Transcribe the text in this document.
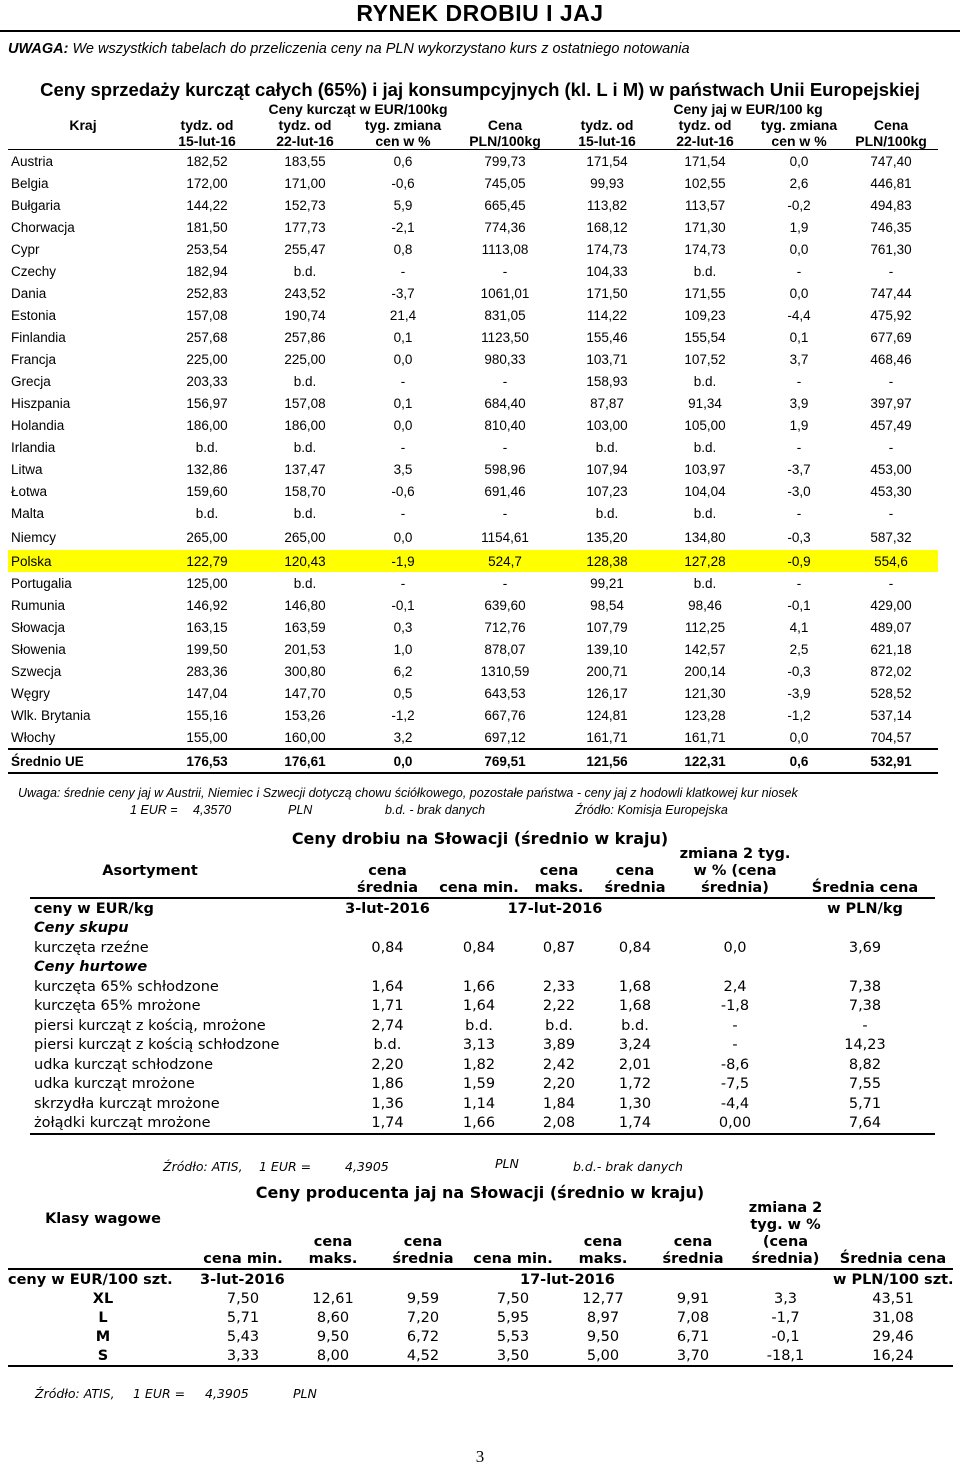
RYNEK DROBIU I JAJ
UWAGA: We wszystkich tabelach do przeliczenia ceny na PLN wykorzystano kurs z ostatniego notowania
Ceny sprzedaży kurcząt całych (65%) i jaj konsumpcyjnych (kl. L i M) w państwach Unii Europejskiej
	Ceny kurcząt w EUR/100kg				Ceny jaj w EUR/100 kg			
Kraj	tydz. od	tydz. od	tyg. zmiana	Cena	tydz. od	tydz. od	tyg. zmiana	Cena
	15-lut-16	22-lut-16	cen w %	PLN/100kg	15-lut-16	22-lut-16	cen w %	PLN/100kg
Austria	182,52	183,55	0,6	799,73	171,54	171,54	0,0	747,40
Belgia	172,00	171,00	-0,6	745,05	99,93	102,55	2,6	446,81
Bułgaria	144,22	152,73	5,9	665,45	113,82	113,57	-0,2	494,83
Chorwacja	181,50	177,73	-2,1	774,36	168,12	171,30	1,9	746,35
Cypr	253,54	255,47	0,8	1113,08	174,73	174,73	0,0	761,30
Czechy	182,94	b.d.	-	-	104,33	b.d.	-	-
Dania	252,83	243,52	-3,7	1061,01	171,50	171,55	0,0	747,44
Estonia	157,08	190,74	21,4	831,05	114,22	109,23	-4,4	475,92
Finlandia	257,68	257,86	0,1	1123,50	155,46	155,54	0,1	677,69
Francja	225,00	225,00	0,0	980,33	103,71	107,52	3,7	468,46
Grecja	203,33	b.d.	-	-	158,93	b.d.	-	-
Hiszpania	156,97	157,08	0,1	684,40	87,87	91,34	3,9	397,97
Holandia	186,00	186,00	0,0	810,40	103,00	105,00	1,9	457,49
Irlandia	b.d.	b.d.	-	-	b.d.	b.d.	-	-
Litwa	132,86	137,47	3,5	598,96	107,94	103,97	-3,7	453,00
Łotwa	159,60	158,70	-0,6	691,46	107,23	104,04	-3,0	453,30
Malta	b.d.	b.d.	-	-	b.d.	b.d.	-	-
Niemcy	265,00	265,00	0,0	1154,61	135,20	134,80	-0,3	587,32
Polska	122,79	120,43	-1,9	524,7	128,38	127,28	-0,9	554,6
Portugalia	125,00	b.d.	-	-	99,21	b.d.	-	-
Rumunia	146,92	146,80	-0,1	639,60	98,54	98,46	-0,1	429,00
Słowacja	163,15	163,59	0,3	712,76	107,79	112,25	4,1	489,07
Słowenia	199,50	201,53	1,0	878,07	139,10	142,57	2,5	621,18
Szwecja	283,36	300,80	6,2	1310,59	200,71	200,14	-0,3	872,02
Węgry	147,04	147,70	0,5	643,53	126,17	121,30	-3,9	528,52
Wlk. Brytania	155,16	153,26	-1,2	667,76	124,81	123,28	-1,2	537,14
Włochy	155,00	160,00	3,2	697,12	161,71	161,71	0,0	704,57
Średnio UE	176,53	176,61	0,0	769,51	121,56	122,31	0,6	532,91
Uwaga: średnie ceny jaj w Austrii, Niemiec i Szwecji dotyczą chowu ściółkowego, pozostałe państwa - ceny jaj z hodowli klatkowej kur niosek
1 EUR = 4,3570	PLN	b.d. - brak danych	Źródło: Komisja Europejska
Ceny drobiu na Słowacji (średnio w kraju)
Asortyment	cena średnia	cena min.	cena maks.	cena średnia	zmiana 2 tyg. w % (cena średnia)	Średnia cena
ceny w EUR/kg	3-lut-2016	17-lut-2016				w PLN/kg
Ceny skupu						
kurczęta rzeźne	0,84	0,84	0,87	0,84	0,0	3,69
Ceny hurtowe						
kurczęta 65% schłodzone	1,64	1,66	2,33	1,68	2,4	7,38
kurczęta 65% mrożone	1,71	1,64	2,22	1,68	-1,8	7,38
piersi kurcząt z kością, mrożone	2,74	b.d.	b.d.	b.d.	-	-
piersi kurcząt z kością schłodzone	b.d.	3,13	3,89	3,24	-	14,23
udka kurcząt schłodzone	2,20	1,82	2,42	2,01	-8,6	8,82
udka kurcząt mrożone	1,86	1,59	2,20	1,72	-7,5	7,55
skrzydła kurcząt mrożone	1,36	1,14	1,84	1,30	-4,4	5,71
żołądki kurcząt mrożone	1,74	1,66	2,08	1,74	0,00	7,64
Źródło: ATIS, 1 EUR =	4,3905	PLN	b.d.- brak danych
Ceny producenta jaj na Słowacji (średnio w kraju)
Klasy wagowe	cena min.	cena maks.	cena średnia	cena min.	cena maks.	cena średnia	zmiana 2 tyg. w % (cena średnia)	Średnia cena
ceny w EUR/100 szt.	3-lut-2016			17-lut-2016				w PLN/100 szt.
XL	7,50	12,61	9,59	7,50	12,77	9,91	3,3	43,51
L	5,71	8,60	7,20	5,95	8,97	7,08	-1,7	31,08
M	5,43	9,50	6,72	5,53	9,50	6,71	-0,1	29,46
S	3,33	8,00	4,52	3,50	5,00	3,70	-18,1	16,24
Źródło: ATIS, 1 EUR = 4,3905	PLN
3
